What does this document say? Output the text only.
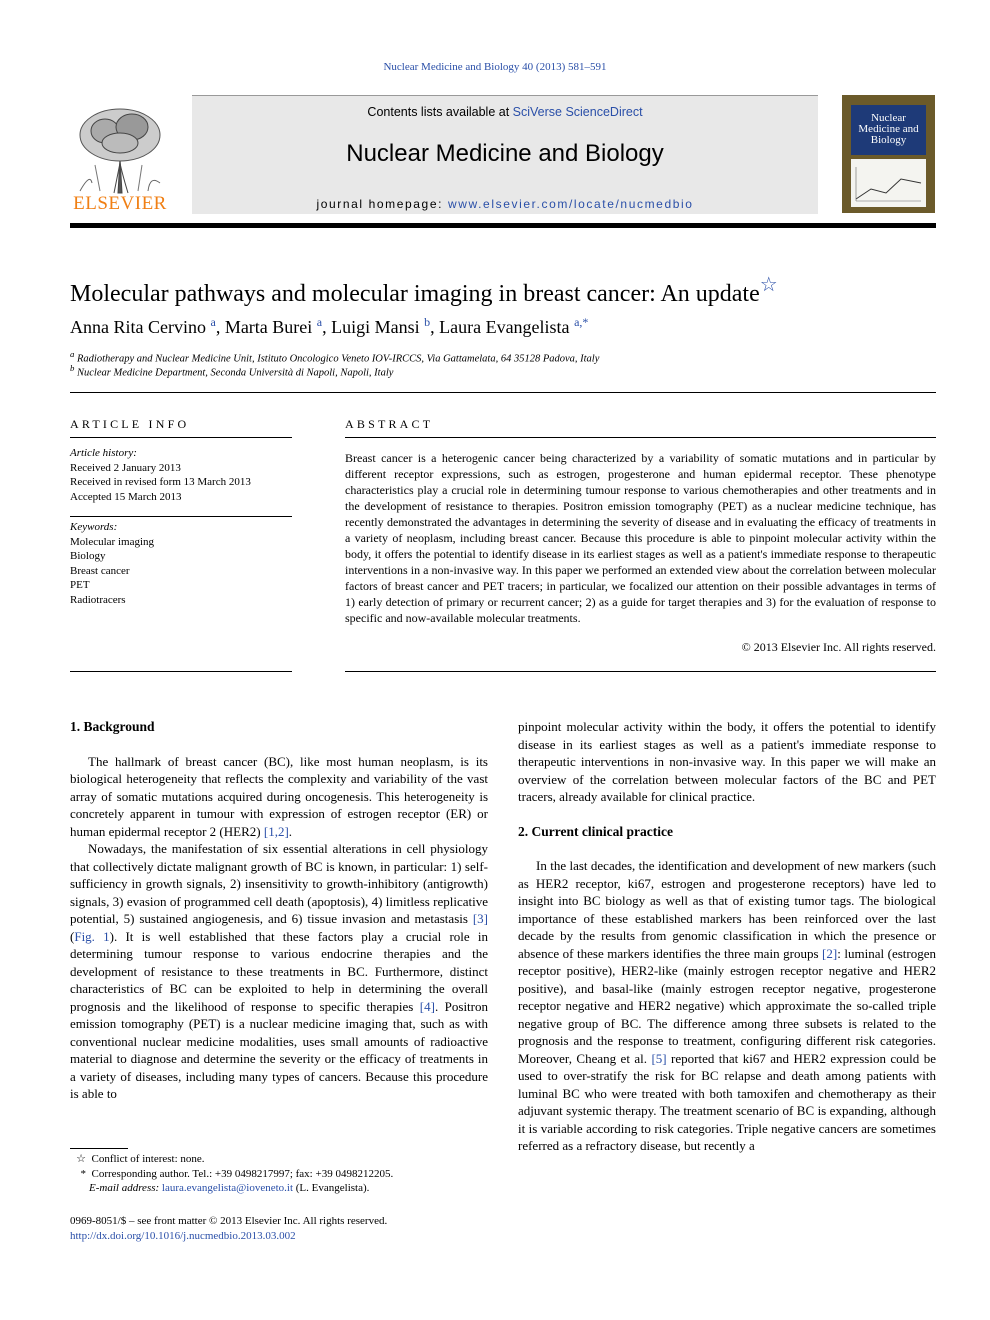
Nuclear Medicine and Biology 40 (2013) 581–591
ELSEVIER
Contents lists available at SciVerse ScienceDirect
Nuclear Medicine and Biology
journal homepage: www.elsevier.com/locate/nucmedbio
Nuclear Medicine and Biology
Molecular pathways and molecular imaging in breast cancer: An update☆
Anna Rita Cervino $^a$, Marta Burei $^a$, Luigi Mansi $^b$, Laura Evangelista $^{a,*}$
$^a$ Radiotherapy and Nuclear Medicine Unit, Istituto Oncologico Veneto IOV-IRCCS, Via Gattamelata, 64 35128 Padova, Italy
$^b$ Nuclear Medicine Department, Seconda Università di Napoli, Napoli, Italy
ARTICLE INFO
Article history:
Received 2 January 2013
Received in revised form 13 March 2013
Accepted 15 March 2013
Keywords:
Molecular imaging
Biology
Breast cancer
PET
Radiotracers
ABSTRACT
Breast cancer is a heterogenic cancer being characterized by a variability of somatic mutations and in particular by different receptor expressions, such as estrogen, progesterone and human epidermal receptor. These phenotype characteristics play a crucial role in determining tumour response to various chemotherapies and other treatments and in the development of resistance to therapies. Positron emission tomography (PET) as a nuclear medicine technique, has recently demonstrated the advantages in determining the severity of disease and in evaluating the efficacy of treatments in a variety of neoplasm, including breast cancer. Because this procedure is able to pinpoint molecular activity within the body, it offers the potential to identify disease in its earliest stages as well as a patient's immediate response to therapeutic interventions in a non-invasive way. In this paper we performed an extended view about the correlation between molecular factors of breast cancer and PET tracers; in particular, we focalized our attention on their possible advantages in terms of 1) early detection of primary or recurrent cancer; 2) as a guide for target therapies and 3) for the evaluation of response to specific and now-available molecular treatments.
© 2013 Elsevier Inc. All rights reserved.

1. Background

The hallmark of breast cancer (BC), like most human neoplasm, is its biological heterogeneity that reflects the complexity and variability of the vast array of somatic mutations acquired during oncogenesis. This heterogeneity is concretely apparent in tumour with expression of estrogen receptor (ER) or human epidermal receptor 2 (HER2) [1,2].

Nowadays, the manifestation of six essential alterations in cell physiology that collectively dictate malignant growth of BC is known, in particular: 1) self-sufficiency in growth signals, 2) insensitivity to growth-inhibitory (antigrowth) signals, 3) evasion of programmed cell death (apoptosis), 4) limitless replicative potential, 5) sustained angiogenesis, and 6) tissue invasion and metastasis [3] (Fig. 1). It is well established that these factors play a crucial role in determining tumour response to various endocrine therapies and the development of resistance to these treatments in BC. Furthermore, distinct characteristics of BC can be exploited to help in determining the overall prognosis and the likelihood of response to specific therapies [4]. Positron emission tomography (PET) is a nuclear medicine imaging that, such as with conventional nuclear medicine modalities, uses small amounts of radioactive material to diagnose and determine the severity or the efficacy of treatments in a variety of diseases, including many types of cancers. Because this procedure is able to

pinpoint molecular activity within the body, it offers the potential to identify disease in its earliest stages as well as a patient's immediate response to therapeutic interventions in non-invasive way. In this paper we will make an overview of the correlation between molecular factors of the BC and PET tracers, already available for clinical practice.

2. Current clinical practice

In the last decades, the identification and development of new markers (such as HER2 receptor, ki67, estrogen and progesterone receptors) have led to insight into BC biology as well as that of existing tumor tags. The biological importance of these established markers has been reinforced over the last decade by the results from genomic classification in which the presence or absence of these markers identifies the three main groups [2]: luminal (estrogen receptor positive), HER2-like (mainly estrogen receptor negative and HER2 positive), and basal-like (mainly estrogen receptor negative, progesterone receptor negative and HER2 negative) which approximate the so-called triple negative group of BC. The difference among three subsets is related to the prognosis and the response to treatment, configuring different risk categories. Moreover, Cheang et al. [5] reported that ki67 and HER2 expression could be used to over-stratify the risk for BC relapse and death among patients with luminal BC who were treated with both tamoxifen and chemotherapy as their adjuvant systemic therapy. The treatment scenario of BC is expanding, although it is variable according to risk categories. Triple negative cancers are sometimes referred as a refractory disease, but recently a

☆ Conflict of interest: none.
* Corresponding author. Tel.: +39 0498217997; fax: +39 0498212205.
E-mail address: laura.evangelista@ioveneto.it (L. Evangelista).
0969-8051/$ – see front matter © 2013 Elsevier Inc. All rights reserved.
http://dx.doi.org/10.1016/j.nucmedbio.2013.03.002
